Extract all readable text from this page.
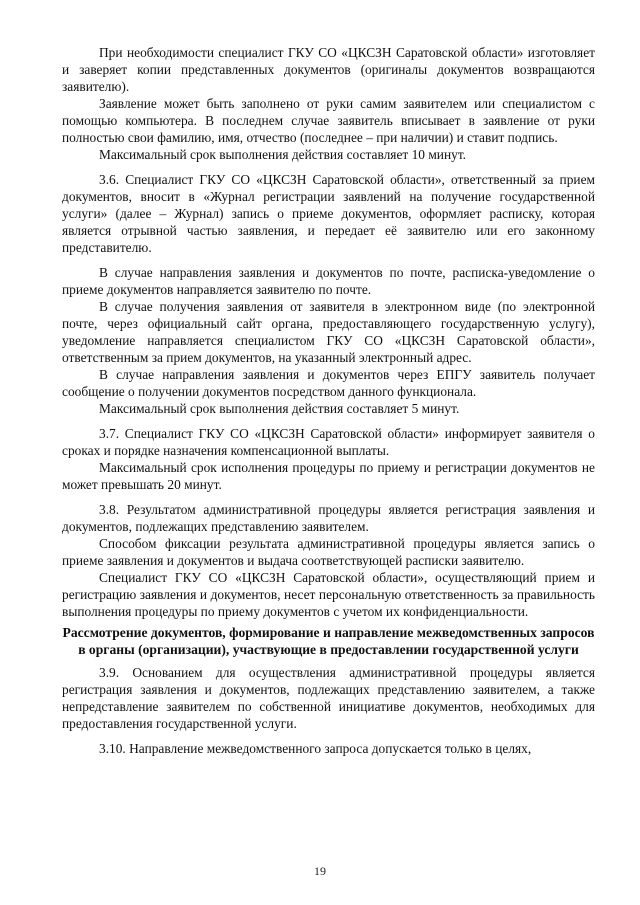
При необходимости специалист ГКУ СО «ЦКСЗН Саратовской области» изготовляет и заверяет копии представленных документов (оригиналы документов возвращаются заявителю).

Заявление может быть заполнено от руки самим заявителем или специалистом с помощью компьютера. В последнем случае заявитель вписывает в заявление от руки полностью свои фамилию, имя, отчество (последнее – при наличии) и ставит подпись.

Максимальный срок выполнения действия составляет 10 минут.

3.6. Специалист ГКУ СО «ЦКСЗН Саратовской области», ответственный за прием документов, вносит в «Журнал регистрации заявлений на получение государственной услуги» (далее – Журнал) запись о приеме документов, оформляет расписку, которая является отрывной частью заявления, и передает её заявителю или его законному представителю.

В случае направления заявления и документов по почте, расписка-уведомление о приеме документов направляется заявителю по почте.

В случае получения заявления от заявителя в электронном виде (по электронной почте, через официальный сайт органа, предоставляющего государственную услугу), уведомление направляется специалистом ГКУ СО «ЦКСЗН Саратовской области», ответственным за прием документов, на указанный электронный адрес.

В случае направления заявления и документов через ЕПГУ заявитель получает сообщение о получении документов посредством данного функционала.

Максимальный срок выполнения действия составляет 5 минут.

3.7. Специалист ГКУ СО «ЦКСЗН Саратовской области» информирует заявителя о сроках и порядке назначения компенсационной выплаты.

Максимальный срок исполнения процедуры по приему и регистрации документов не может превышать 20 минут.

3.8. Результатом административной процедуры является регистрация заявления и документов, подлежащих представлению заявителем.

Способом фиксации результата административной процедуры является запись о приеме заявления и документов и выдача соответствующей расписки заявителю.

Специалист ГКУ СО «ЦКСЗН Саратовской области», осуществляющий прием и регистрацию заявления и документов, несет персональную ответственность за правильность выполнения процедуры по приему документов с учетом их конфиденциальности.

Рассмотрение документов, формирование и направление межведомственных запросов в органы (организации), участвующие в предоставлении государственной услуги

3.9. Основанием для осуществления административной процедуры является регистрация заявления и документов, подлежащих представлению заявителем, а также непредставление заявителем по собственной инициативе документов, необходимых для предоставления государственной услуги.

3.10. Направление межведомственного запроса допускается только в целях,

19
